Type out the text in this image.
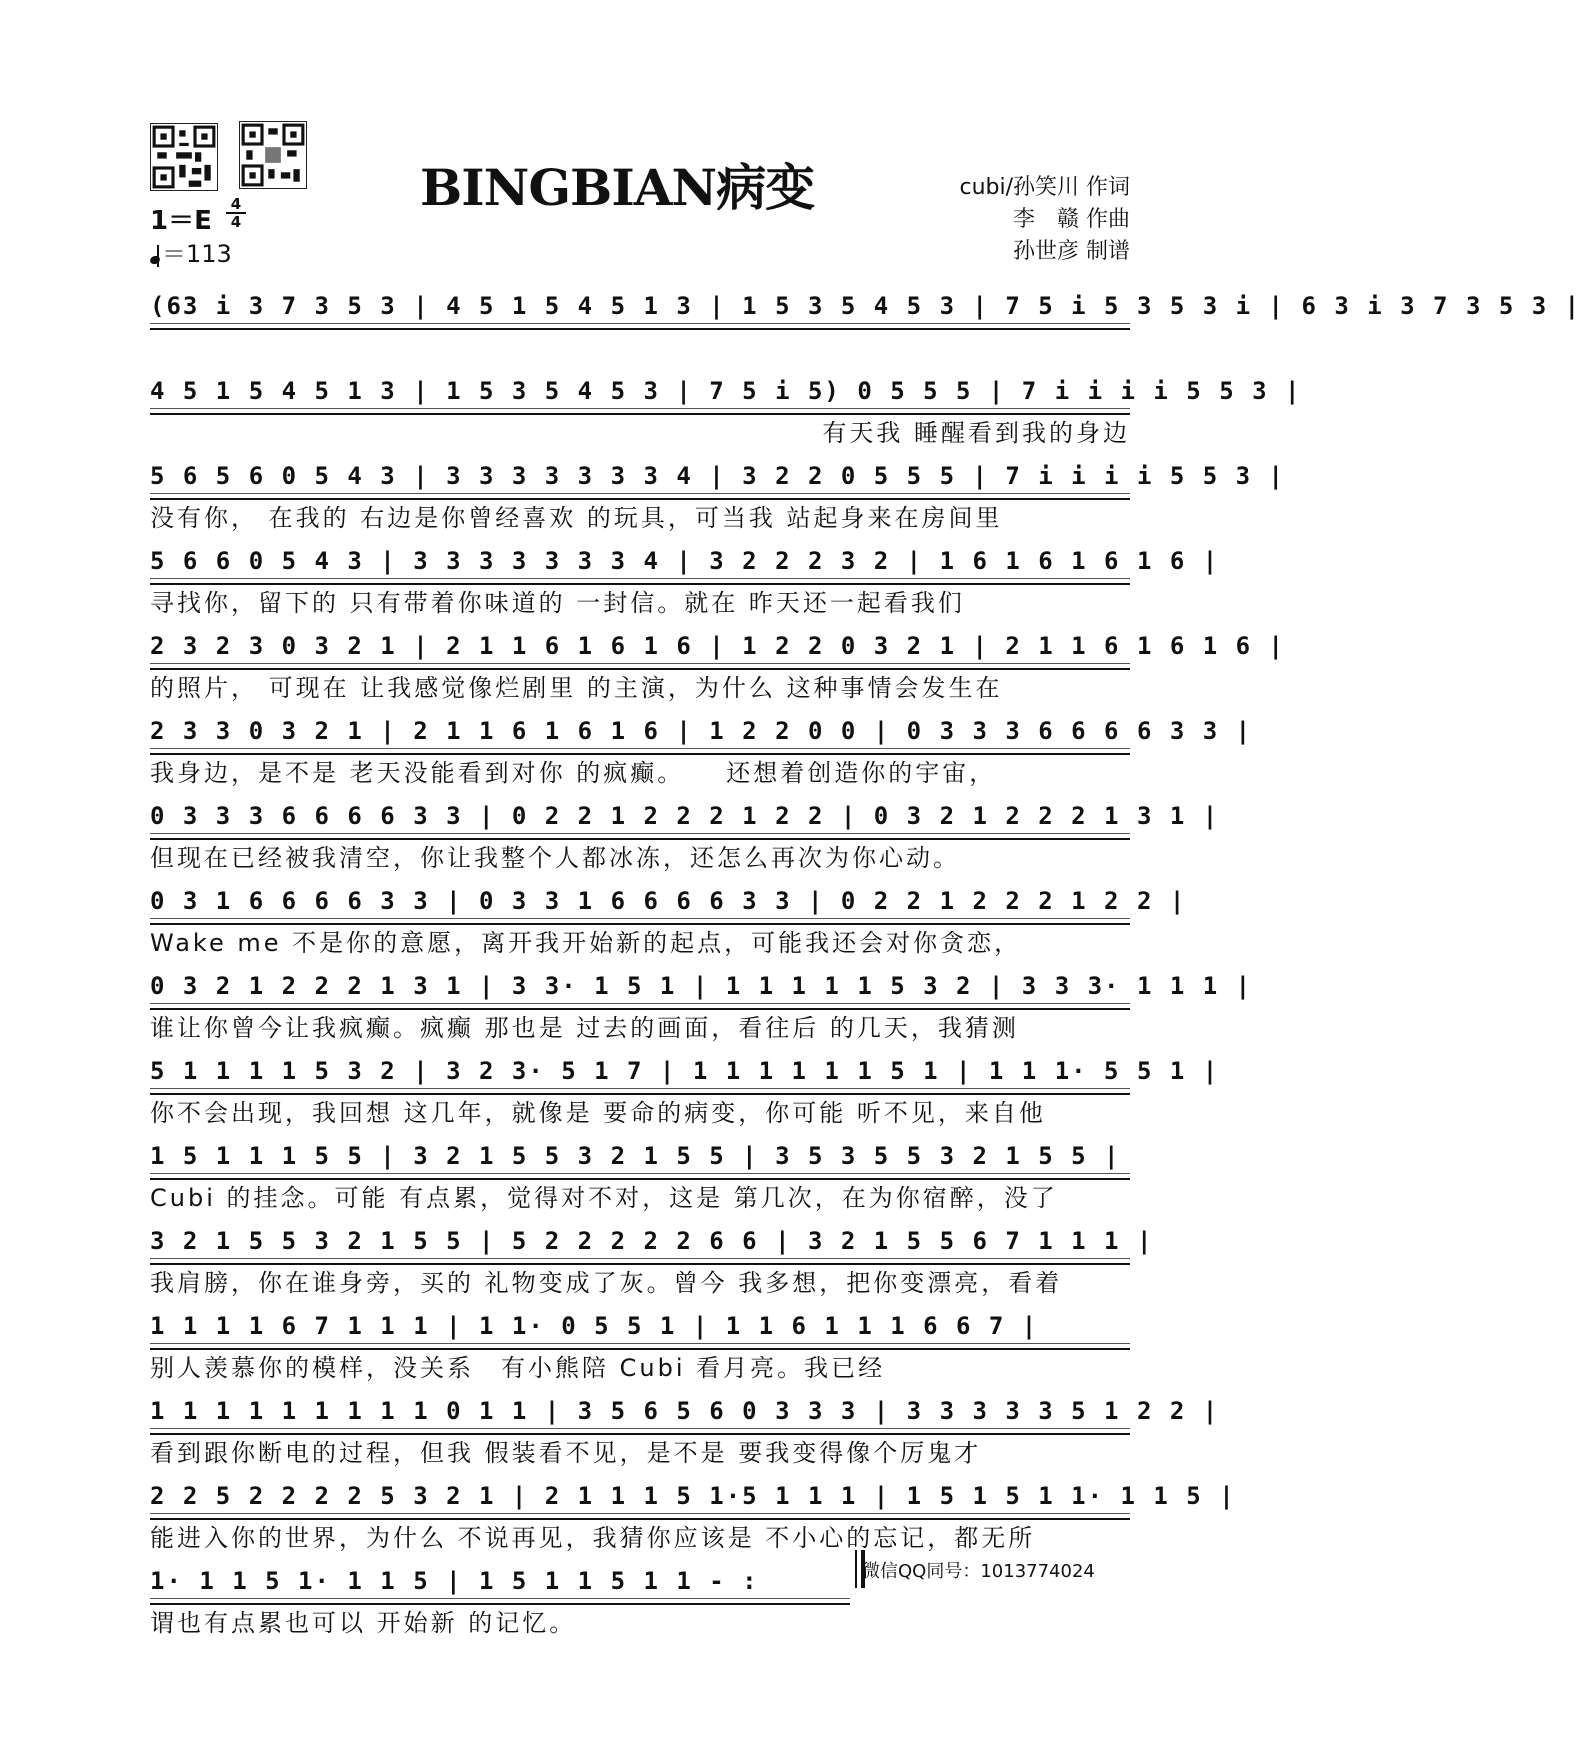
BINGBIAN病变	cubi/孙笑川 作词
李　赣 作曲
孙世彦 制谱
1＝E
4
4
＝113
(63 i 3 7 3 5 3 | 4 5 1 5 4 5 1 3 | 1 5 3 5 4 5 3 | 7 5 i 5 3 5 3 i | 6 3 i 3 7 3 5 3 |
4 5 1 5 4 5 1 3 | 1 5 3 5 4 5 3 | 7 5 i 5) 0 5 5 5 | 7 i i i i 5 5 3 |
有天我 睡醒看到我的身边
5 6 5 6 0 5 4 3 | 3 3 3 3 3 3 3 4 | 3 2 2 0 5 5 5 | 7 i i i i 5 5 3 |
没有你， 在我的 右边是你曾经喜欢 的玩具，可当我 站起身来在房间里
5 6 6 0 5 4 3 | 3 3 3 3 3 3 3 4 | 3 2 2 2 3 2 | 1 6 1 6 1 6 1 6 |
寻找你，留下的 只有带着你味道的 一封信。就在 昨天还一起看我们
2 3 2 3 0 3 2 1 | 2 1 1 6 1 6 1 6 | 1 2 2 0 3 2 1 | 2 1 1 6 1 6 1 6 |
的照片， 可现在 让我感觉像烂剧里 的主演，为什么 这种事情会发生在
2 3 3 0 3 2 1 | 2 1 1 6 1 6 1 6 | 1 2 2 0 0 | 0 3 3 3 6 6 6 6 3 3 |
我身边，是不是 老天没能看到对你 的疯癫。　　还想着创造你的宇宙，
0 3 3 3 6 6 6 6 3 3 | 0 2 2 1 2 2 2 1 2 2 | 0 3 2 1 2 2 2 1 3 1 |
但现在已经被我清空，你让我整个人都冰冻，还怎么再次为你心动。
0 3 1 6 6 6 6 3 3 | 0 3 3 1 6 6 6 6 3 3 | 0 2 2 1 2 2 2 1 2 2 |
Wake me 不是你的意愿，离开我开始新的起点，可能我还会对你贪恋，
0 3 2 1 2 2 2 1 3 1 | 3 3· 1 5 1 | 1 1 1 1 1 5 3 2 | 3 3 3· 1 1 1 |
谁让你曾今让我疯癫。疯癫 那也是 过去的画面，看往后 的几天，我猜测
5 1 1 1 1 5 3 2 | 3 2 3· 5 1 7 | 1 1 1 1 1 1 5 1 | 1 1 1· 5 5 1 |
你不会出现，我回想 这几年，就像是 要命的病变，你可能 听不见，来自他
1 5 1 1 1 5 5 | 3 2 1 5 5 3 2 1 5 5 | 3 5 3 5 5 3 2 1 5 5 |
Cubi 的挂念。可能 有点累，觉得对不对，这是 第几次，在为你宿醉，没了
3 2 1 5 5 3 2 1 5 5 | 5 2 2 2 2 2 6 6 | 3 2 1 5 5 6 7 1 1 1 |
我肩膀，你在谁身旁，买的 礼物变成了灰。曾今 我多想，把你变漂亮，看着
1 1 1 1 6 7 1 1 1 | 1 1· 0 5 5 1 | 1 1 6 1 1 1 6 6 7 |
别人羡慕你的模样，没关系　有小熊陪 Cubi 看月亮。我已经
1 1 1 1 1 1 1 1 1 0 1 1 | 3 5 6 5 6 0 3 3 3 | 3 3 3 3 3 5 1 2 2 |
看到跟你断电的过程，但我 假装看不见，是不是 要我变得像个厉鬼才
2 2 5 2 2 2 2 5 3 2 1 | 2 1 1 1 5 1·5 1 1 1 | 1 5 1 5 1 1· 1 1 5 |
能进入你的世界，为什么 不说再见，我猜你应该是 不小心的忘记，都无所
1· 1 1 5 1· 1 1 5 | 1 5 1 1 5 1 1 - :
谓也有点累也可以 开始新 的记忆。
微信QQ同号：1013774024
